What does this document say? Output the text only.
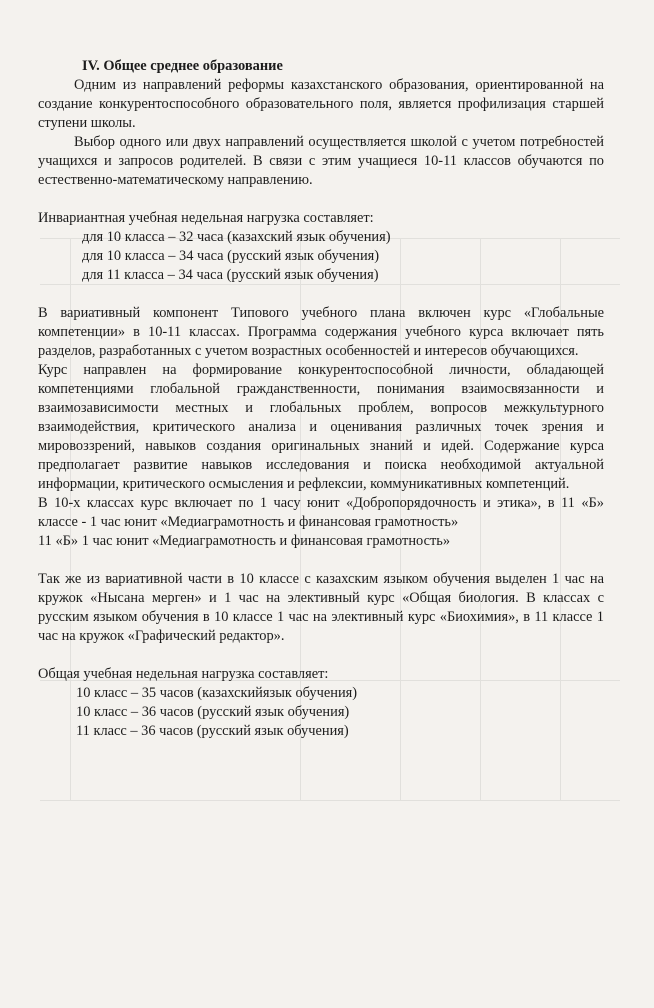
IV. Общее среднее образование
Одним из направлений реформы казахстанского образования, ориентированной на
создание конкурентоспособного образовательного поля, является профилизация старшей
ступени школы.
Выбор одного или двух направлений осуществляется школой с учетом потребностей
учащихся и запросов родителей. В связи с этим учащиеся 10-11 классов обучаются по
естественно-математическому направлению.
Инвариантная учебная недельная нагрузка составляет:
для 10 класса – 32 часа (казахский язык обучения)
для 10 класса – 34 часа (русский язык обучения)
для 11 класса – 34 часа (русский язык обучения)
В вариативный компонент Типового учебного плана включен курс «Глобальные
компетенции» в 10-11 классах. Программа содержания учебного курса включает пять
разделов, разработанных с учетом возрастных особенностей и интересов обучающихся.
Курс направлен на формирование конкурентоспособной личности, обладающей
компетенциями глобальной гражданственности, понимания взаимосвязанности и
взаимозависимости местных и глобальных проблем, вопросов межкультурного
взаимодействия, критического анализа и оценивания различных точек зрения и
мировоззрений, навыков создания оригинальных знаний и идей. Содержание курса
предполагает развитие навыков исследования и поиска необходимой актуальной
информации, критического осмысления и рефлексии, коммуникативных компетенций.
В 10-х классах курс включает по 1 часу юнит «Добропорядочность и этика», в 11 «Б»
классе - 1 час юнит «Медиаграмотность и финансовая грамотность»
11 «Б» 1 час юнит «Медиаграмотность и финансовая грамотность»
Так же из вариативной части в 10 классе с казахским языком обучения выделен 1 час на
кружок «Нысана мерген» и 1 час на элективный курс «Общая биология. В классах с
русским языком обучения в 10 классе 1 час на элективный курс «Биохимия», в 11 классе 1
час на кружок «Графический редактор».
Общая учебная недельная нагрузка составляет:
10 класс – 35 часов (казахскийязык обучения)
10 класс – 36 часов (русский язык обучения)
11 класс – 36 часов (русский язык обучения)
